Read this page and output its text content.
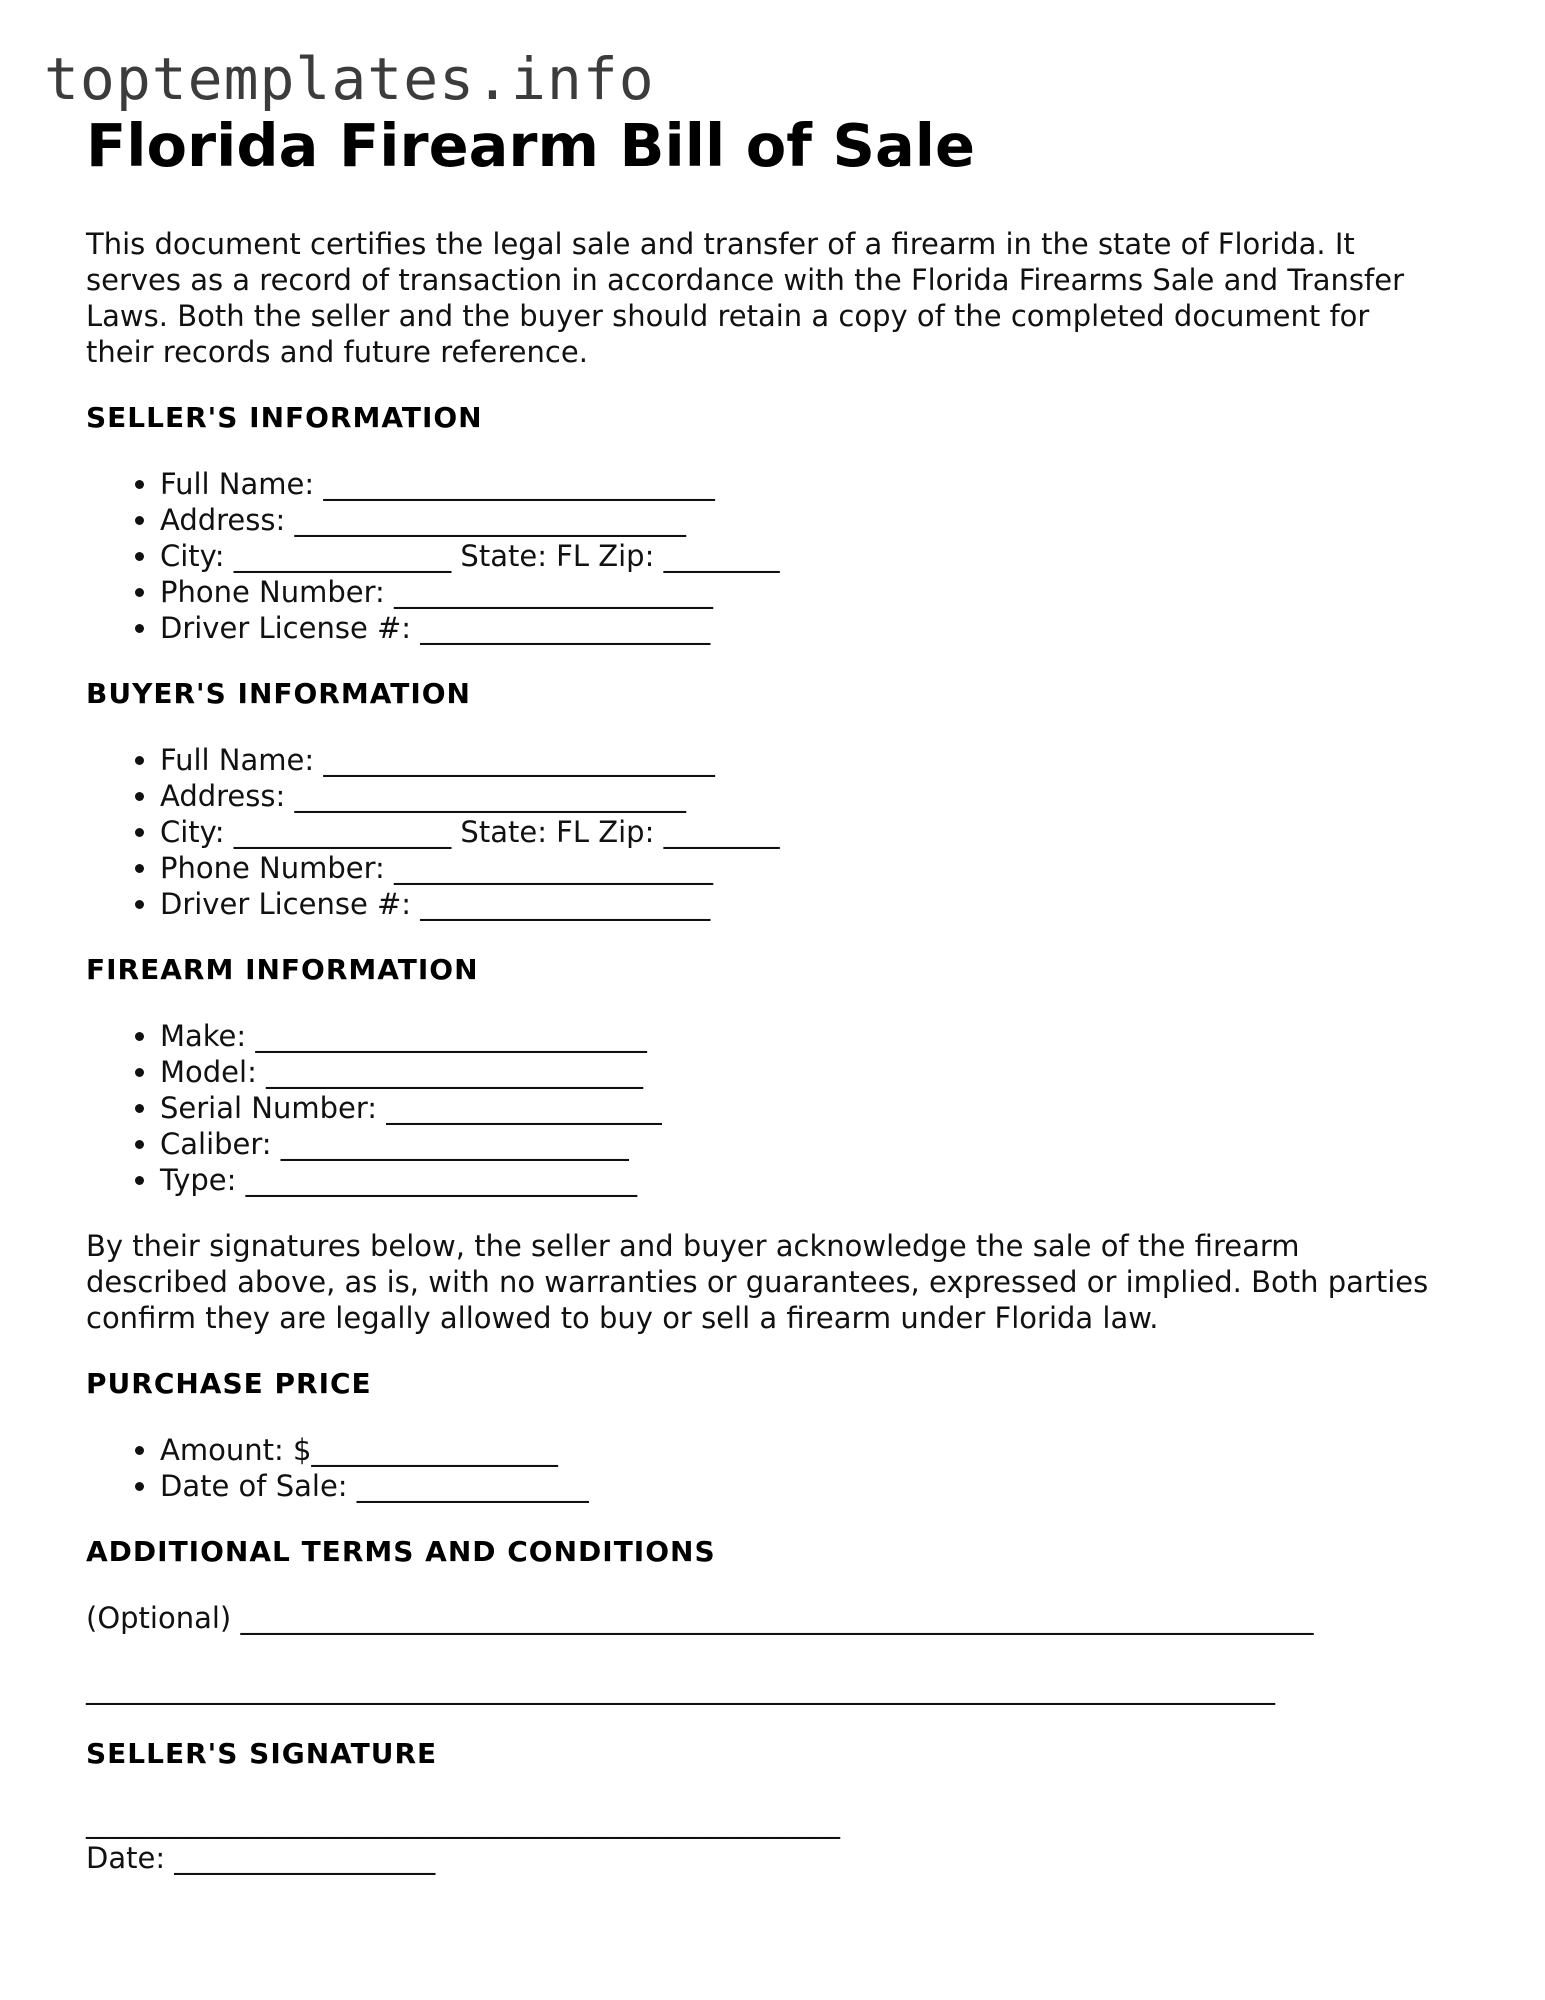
toptemplates.info
Florida Firearm Bill of Sale

This document certifies the legal sale and transfer of a firearm in the state of Florida. It serves as a record of transaction in accordance with the Florida Firearms Sale and Transfer Laws. Both the seller and the buyer should retain a copy of the completed document for their records and future reference.

SELLER'S INFORMATION
• Full Name: ___________________________
• Address: ___________________________
• City: _______________ State: FL Zip: ________
• Phone Number: ______________________
• Driver License #: ____________________
BUYER'S INFORMATION
• Full Name: ___________________________
• Address: ___________________________
• City: _______________ State: FL Zip: ________
• Phone Number: ______________________
• Driver License #: ____________________
FIREARM INFORMATION
• Make: ___________________________
• Model: __________________________
• Serial Number: ___________________
• Caliber: ________________________
• Type: ___________________________

By their signatures below, the seller and buyer acknowledge the sale of the firearm described above, as is, with no warranties or guarantees, expressed or implied. Both parties confirm they are legally allowed to buy or sell a firearm under Florida law.

PURCHASE PRICE
• Amount: $_________________
• Date of Sale: ________________
ADDITIONAL TERMS AND CONDITIONS
(Optional) __________________________________________________________________________
__________________________________________________________________________________
SELLER'S SIGNATURE
____________________________________________________
Date: __________________
